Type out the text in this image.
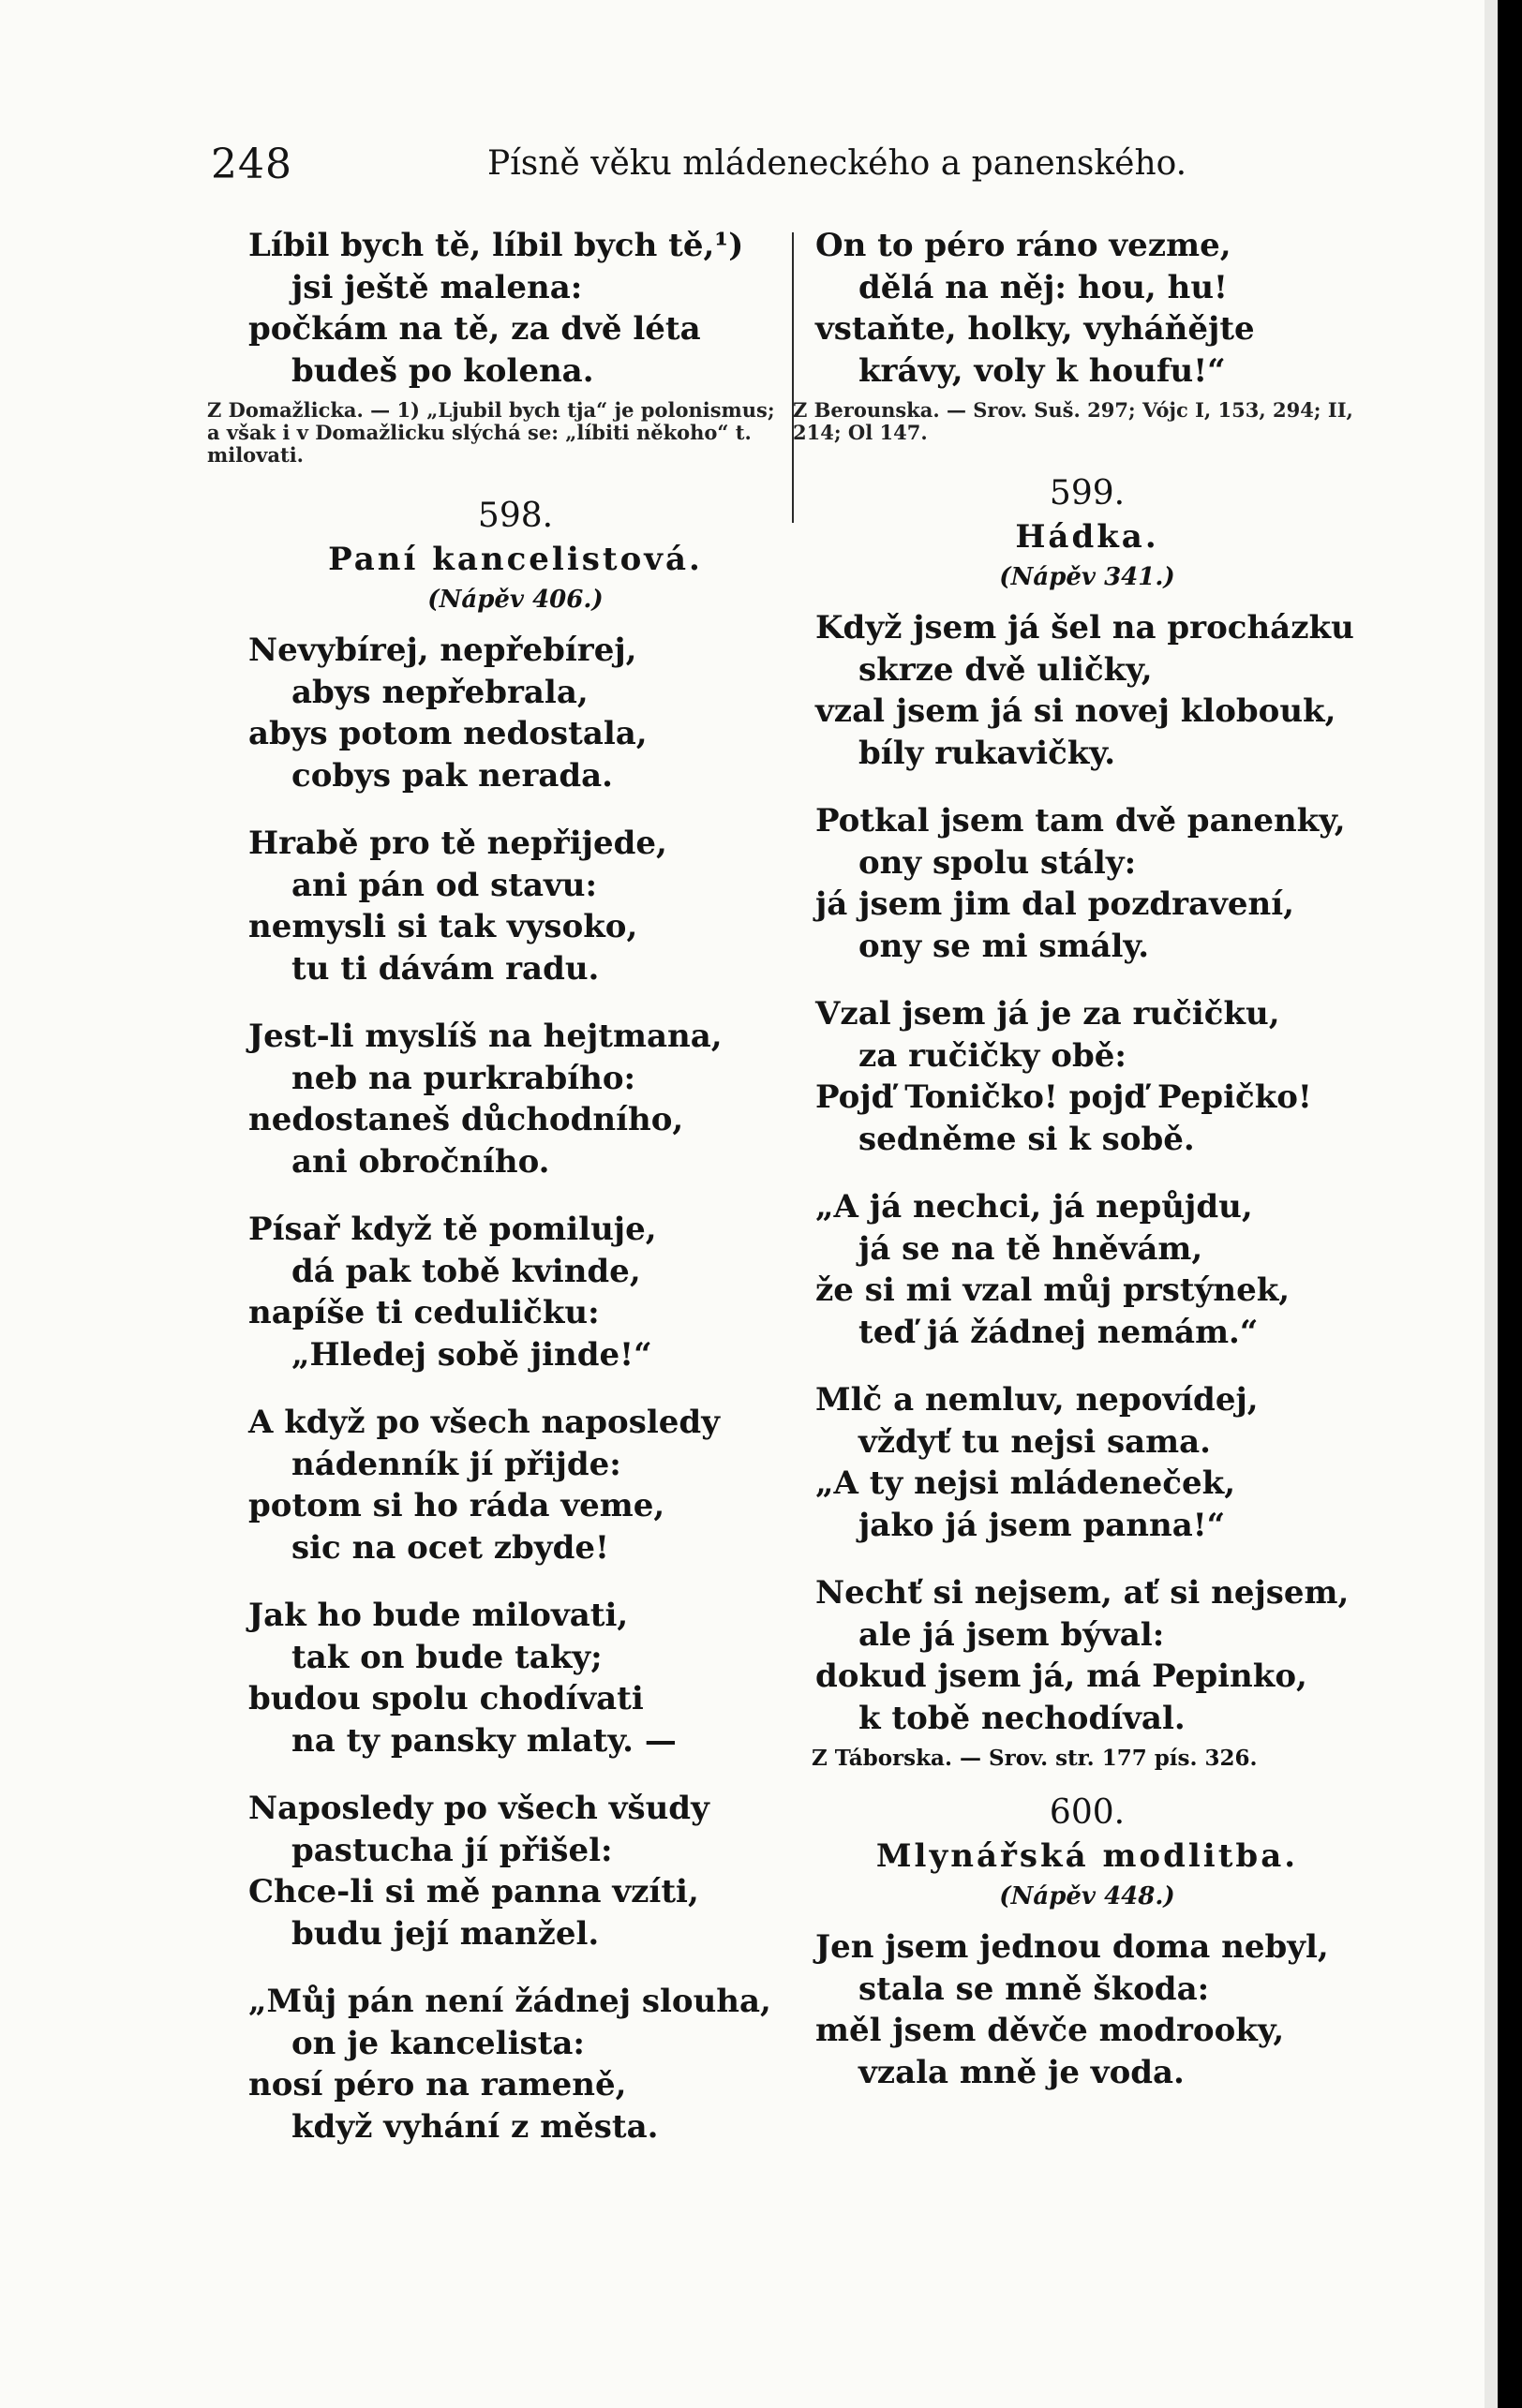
248	Písně věku mládeneckého a panenského.
Líbil bych tě, líbil bych tě,¹)
jsi ještě malena:
počkám na tě, za dvě léta
budeš po kolena.
Z Domažlicka. — 1) „Ljubil bych tja“ je polonismus; a však i v Domažlicku slýchá se: „líbiti někoho“ t. milovati.
598.
Paní kancelistová.
(Nápěv 406.)
Nevybírej, nepřebírej,
abys nepřebrala,
abys potom nedostala,
cobys pak nerada.
Hrabě pro tě nepřijede,
ani pán od stavu:
nemysli si tak vysoko,
tu ti dávám radu.
Jest-li myslíš na hejtmana,
neb na purkrabího:
nedostaneš důchodního,
ani obročního.
Písař když tě pomiluje,
dá pak tobě kvinde,
napíše ti ceduličku:
„Hledej sobě jinde!“
A když po všech naposledy
nádenník jí přijde:
potom si ho ráda veme,
sic na ocet zbyde!
Jak ho bude milovati,
tak on bude taky;
budou spolu chodívati
na ty pansky mlaty. —
Naposledy po všech všudy
pastucha jí přišel:
Chce-li si mě panna vzíti,
budu její manžel.
„Můj pán není žádnej slouha,
on je kancelista:
nosí péro na rameně,
když vyhání z města.
On to péro ráno vezme,
dělá na něj: hou, hu!
vstaňte, holky, vyháňějte
krávy, voly k houfu!“
Z Berounska. — Srov. Suš. 297; Vójc I, 153, 294; II, 214; Ol 147.
599.
Hádka.
(Nápěv 341.)
Když jsem já šel na procházku
skrze dvě uličky,
vzal jsem já si novej klobouk,
bíly rukavičky.
Potkal jsem tam dvě panenky,
ony spolu stály:
já jsem jim dal pozdravení,
ony se mi smály.
Vzal jsem já je za ručičku,
za ručičky obě:
Pojď Toničko! pojď Pepičko!
sedněme si k sobě.
„A já nechci, já nepůjdu,
já se na tě hněvám,
že si mi vzal můj prstýnek,
teď já žádnej nemám.“
Mlč a nemluv, nepovídej,
vždyť tu nejsi sama.
„A ty nejsi mládeneček,
jako já jsem panna!“
Nechť si nejsem, ať si nejsem,
ale já jsem býval:
dokud jsem já, má Pepinko,
k tobě nechodíval.
Z Táborska. — Srov. str. 177 pís. 326.
600.
Mlynářská modlitba.
(Nápěv 448.)
Jen jsem jednou doma nebyl,
stala se mně škoda:
měl jsem děvče modrooky,
vzala mně je voda.
